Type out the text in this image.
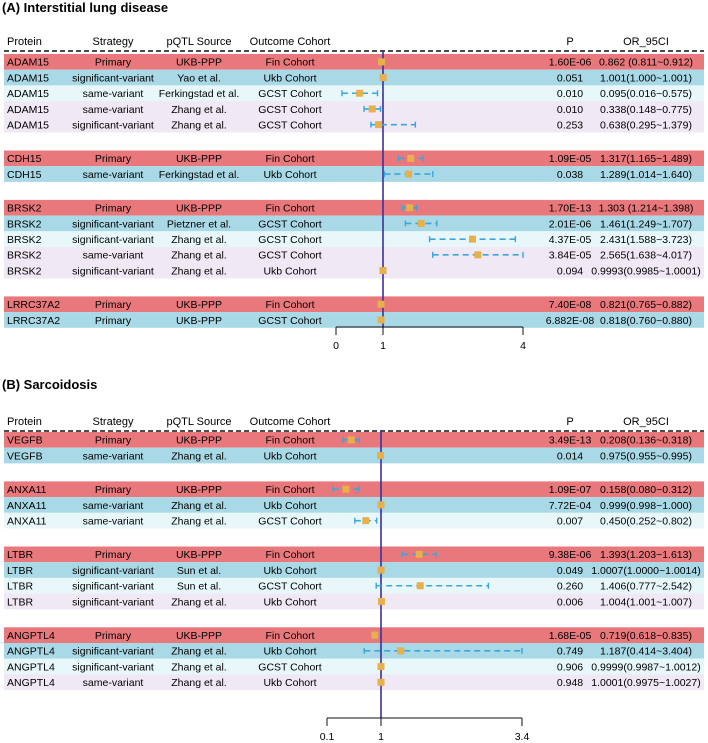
(A) Interstitial lung disease
Protein	Strategy	pQTL Source Outcome Cohort	P	OR_95CI
ADAM15	Primary	UKB-PPP	Fin Cohort	1.60E-06 0.862 (0.811~0.912)
ADAM15 significant-variant Yao et al.	Ukb Cohort	0.051 1.001(1.000~1.001)
ADAM15	same-variant Ferkingstad et al. GCST Cohort	0.010 0.095(0.016~0.575)
ADAM15	same-variant	Zhang et al.	GCST Cohort	0.010 0.338(0.148~0.775)
ADAM15 significant-variant Zhang et al.	GCST Cohort	0.253 0.638(0.295~1.379)
CDH15	Primary	UKB-PPP	Fin Cohort	1.09E-05 1.317(1.165~1.489)
CDH15	same-variant Ferkingstad et al. Ukb Cohort	0.038 1.289(1.014~1.640)
BRSK2	Primary	UKB-PPP	Fin Cohort	1.70E-13 1.303 (1.214~1.398)
BRSK2	significant-variant Pietzner et al.	GCST Cohort	2.01E-06 1.461(1.249~1.707)
BRSK2	significant-variant Zhang et al.	GCST Cohort	4.37E-05 2.431(1.588~3.723)
BRSK2	same-variant	Zhang et al.	GCST Cohort	3.84E-05 2.565(1.638~4.017)
BRSK2	significant-variant Zhang et al.	Ukb Cohort	0.094 0.9993(0.9985~1.0001)
LRRC37A2	Primary	UKB-PPP	Fin Cohort	7.40E-08 0.821(0.765~0.882)
LRRC37A2	Primary	UKB-PPP	GCST Cohort	6.882E-08 0.818(0.760~0.880)
0	1	4
(B) Sarcoidosis
Protein	Strategy	pQTL Source Outcome Cohort	P	OR_95CI
VEGFB	Primary	UKB-PPP	Fin Cohort	3.49E-13 0.208(0.136~0.318)
VEGFB	same-variant	Zhang et al.	Ukb Cohort	0.014 0.975(0.955~0.995)
ANXA11	Primary	UKB-PPP	Fin Cohort	1.09E-07 0.158(0.080~0.312)
ANXA11	same-variant	Zhang et al.	Ukb Cohort	7.72E-04 0.999(0.998~1.000)
ANXA11	same-variant	Zhang et al.	GCST Cohort	0.007 0.450(0.252~0.802)
LTBR	Primary	UKB-PPP	Fin Cohort	9.38E-06 1.393(1.203~1.613)
LTBR	significant-variant Sun et al.	Ukb Cohort	0.049 1.0007(1.0000~1.0014)
LTBR	significant-variant Sun et al.	GCST Cohort	0.260 1.406(0.777~2.542)
LTBR	significant-variant Zhang et al.	Ukb Cohort	0.006 1.004(1.001~1.007)
ANGPTL4	Primary	UKB-PPP	Fin Cohort	1.68E-05 0.719(0.618~0.835)
ANGPTL4 significant-variant Zhang et al.	Ukb Cohort	0.749 1.187(0.414~3.404)
ANGPTL4 significant-variant Zhang et al.	GCST Cohort	0.906 0.9999(0.9987~1.0012)
ANGPTL4	same-variant	Zhang et al.	Ukb Cohort	0.948 1.0001(0.9975~1.0027)
0.1	1	3.4
